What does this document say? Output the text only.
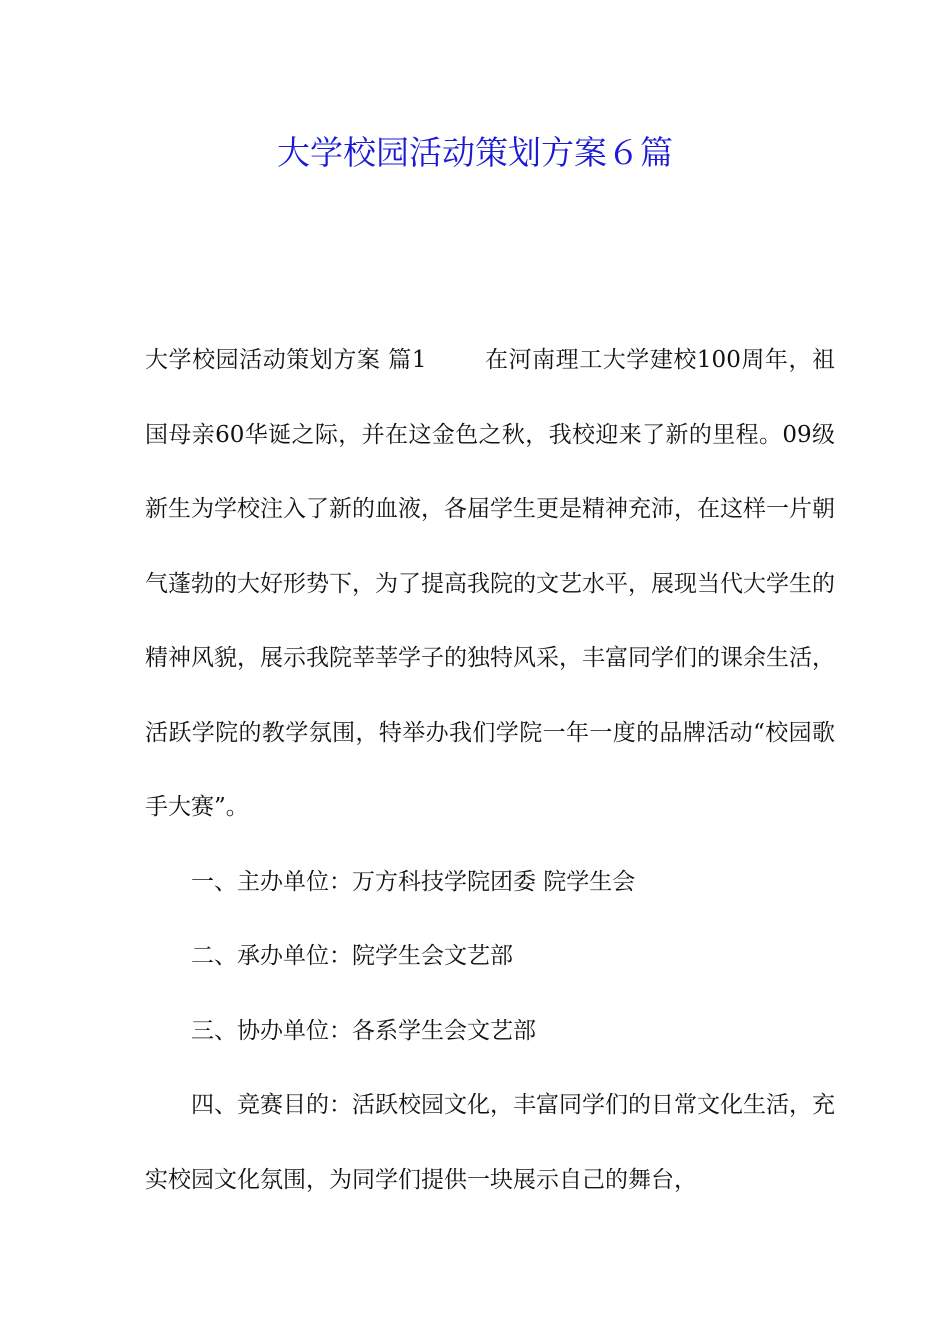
大学校园活动策划方案６篇

大学校园活动策划方案 篇1	在河南理工大学建校100周年，祖国母亲60华诞之际，并在这金色之秋，我校迎来了新的里程。09级新生为学校注入了新的血液，各届学生更是精神充沛，在这样一片朝气蓬勃的大好形势下，为了提高我院的文艺水平，展现当代大学生的精神风貌，展示我院莘莘学子的独特风采，丰富同学们的课余生活，活跃学院的教学氛围，特举办我们学院一年一度的品牌活动“校园歌手大赛”。

一、主办单位：万方科技学院团委 院学生会

二、承办单位：院学生会文艺部

三、协办单位：各系学生会文艺部

四、竞赛目的：活跃校园文化，丰富同学们的日常文化生活，充实校园文化氛围，为同学们提供一块展示自己的舞台，
